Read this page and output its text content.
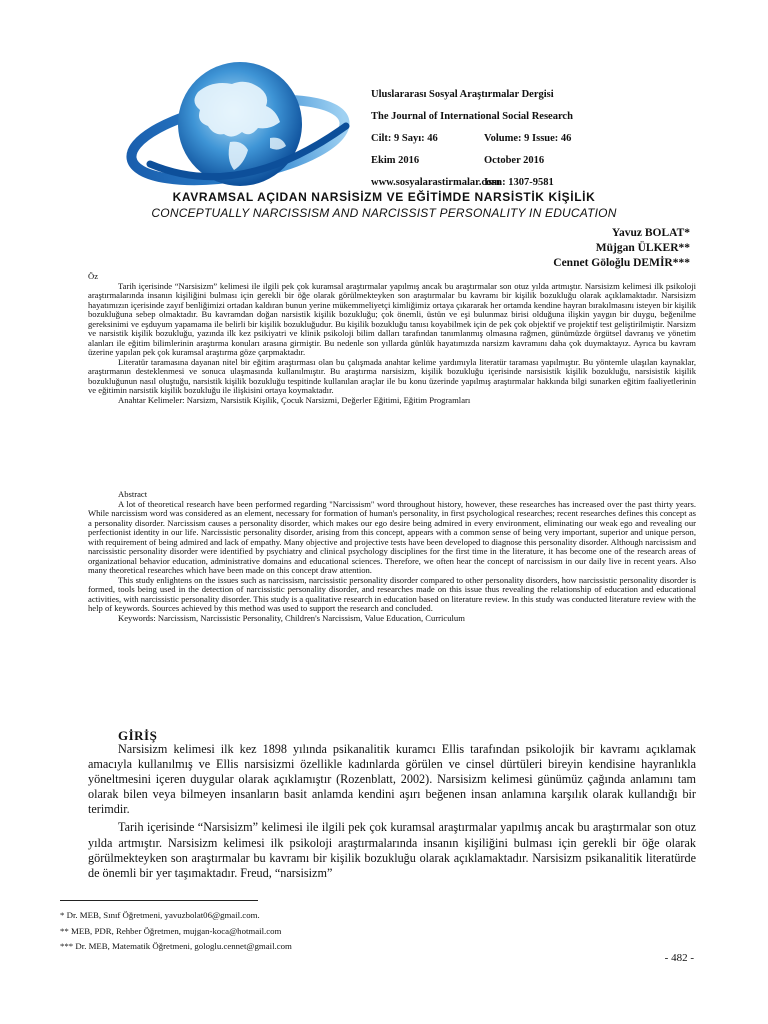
Uluslararası Sosyal Araştırmalar Dergisi
The Journal of International Social Research
Cilt: 9 Sayı: 46	Volume: 9 Issue: 46
Ekim 2016	October 2016
www.sosyalarastirmalar.com
Issn: 1307-9581
KAVRAMSAL AÇIDAN NARSİSİZM VE EĞİTİMDE NARSİSTİK KİŞİLİK
CONCEPTUALLY NARCISSISM AND NARCISSIST PERSONALITY IN EDUCATION
Yavuz BOLAT*
Müjgan ÜLKER**
Cennet Göloğlu DEMİR***

Öz

Tarih içerisinde “Narsisizm” kelimesi ile ilgili pek çok kuramsal araştırmalar yapılmış ancak bu araştırmalar son otuz yılda artmıştır. Narsisizm kelimesi ilk psikoloji araştırmalarında insanın kişiliğini bulması için gerekli bir öğe olarak görülmekteyken son araştırmalar bu kavramı bir kişilik bozukluğu olarak açıklamaktadır. Narsisizm hayatımızın içerisinde zayıf benliğimizi ortadan kaldıran bunun yerine mükemmeliyetçi kimliğimiz ortaya çıkararak her ortamda kendine hayran bırakılmasını isteyen bir kişilik bozukluğuna sebep olmaktadır. Bu kavramdan doğan narsistik kişilik bozukluğu; çok önemli, üstün ve eşi bulunmaz birisi olduğuna ilişkin yaygın bir duygu, beğenilme gereksinimi ve eşduyum yapamama ile belirli bir kişilik bozukluğudur. Bu kişilik bozukluğu tanısı koyabilmek için de pek çok objektif ve projektif test geliştirilmiştir. Narsizm ve narsistik kişilik bozukluğu, yazında ilk kez psikiyatri ve klinik psikoloji bilim dalları tarafından tanımlanmış olmasına rağmen, günümüzde örgütsel davranış ve yönetim alanları ile eğitim bilimlerinin araştırma konuları arasına girmiştir. Bu nedenle son yıllarda günlük hayatımızda narsizm kavramını daha çok duymaktayız. Ayrıca bu kavram üzerine yapılan pek çok kuramsal araştırma göze çarpmaktadır.

Literatür taramasına dayanan nitel bir eğitim araştırması olan bu çalışmada anahtar kelime yardımıyla literatür taraması yapılmıştır. Bu yöntemle ulaşılan kaynaklar, araştırmanın desteklenmesi ve sonuca ulaşmasında kullanılmıştır. Bu araştırma narsisizm, kişilik bozukluğu içerisinde narsisistik kişilik bozukluğu, narsisistik kişilik bozukluğunun nasıl oluştuğu, narsistik kişilik bozukluğu tespitinde kullanılan araçlar ile bu konu üzerinde yapılmış araştırmalar hakkında bilgi sunarken eğitim faaliyetlerinin ve eğitimin narsistik kişilik bozukluğu ile ilişkisini ortaya koymaktadır.

Anahtar Kelimeler: Narsizm, Narsistik Kişilik, Çocuk Narsizmi, Değerler Eğitimi, Eğitim Programları

Abstract

A lot of theoretical research have been performed regarding "Narcissism" word throughout history, however, these researches has increased over the past thirty years. While narcissism word was considered as an element, necessary for formation of human's personality, in first psychological researches; recent researches defines this concept as a personality disorder. Narcissism causes a personality disorder, which makes our ego desire being admired in every environment, eliminating our weak ego and revealing our perfectionist identity in our life. Narcissistic personality disorder, arising from this concept, appears with a common sense of being very important, superior and unique person, with requirement of being admired and lack of empathy. Many objective and projective tests have been developed to diagnose this personality disorder. Although narcissism and narcissistic personality disorder were identified by psychiatry and clinical psychology disciplines for the first time in the literature, it has become one of the research areas of organizational behavior education, administrative domains and educational sciences. Therefore, we often hear the concept of narcissism in our daily live in recent years. Also many theoretical researches which have been made on this concept draw attention.

This study enlightens on the issues such as narcissism, narcissistic personality disorder compared to other personality disorders, how narcissistic personality disorder is formed, tools being used in the detection of narcissistic personality disorder, and researches made on this issue thus revealing the relationship of education and educational activities, with narcissistic personality disorder. This study is a qualitative research in education based on literature review. In this study was conducted literature review with the help of keywords. Sources achieved by this method was used to support the research and concluded.

Keywords: Narcissism, Narcissistic Personality, Children's Narcissism, Value Education, Curriculum

GİRİŞ

Narsisizm kelimesi ilk kez 1898 yılında psikanalitik kuramcı Ellis tarafından psikolojik bir kavramı açıklamak amacıyla kullanılmış ve Ellis narsisizmi özellikle kadınlarda görülen ve cinsel dürtüleri bireyin kendisine hayranlıkla yöneltmesini içeren duygular olarak açıklamıştır (Rozenblatt, 2002). Narsisizm kelimesi günümüz çağında anlamını tam olarak bilen veya bilmeyen insanların basit anlamda kendini aşırı beğenen insan anlamına karşılık olarak kullandığı bir terimdir.

Tarih içerisinde “Narsisizm” kelimesi ile ilgili pek çok kuramsal araştırmalar yapılmış ancak bu araştırmalar son otuz yılda artmıştır. Narsisizm kelimesi ilk psikoloji araştırmalarında insanın kişiliğini bulması için gerekli bir öğe olarak görülmekteyken son araştırmalar bu kavramı bir kişilik bozukluğu olarak açıklamaktadır. Narsisizm psikanalitik literatürde de önemli bir yer taşımaktadır. Freud, “narsisizm”

* Dr. MEB, Sınıf Öğretmeni, yavuzbolat06@gmail.com.
** MEB, PDR, Rehber Öğretmen, mujgan-koca@hotmail.com
*** Dr. MEB, Matematik Öğretmeni, gologlu.cennet@gmail.com
- 482 -
